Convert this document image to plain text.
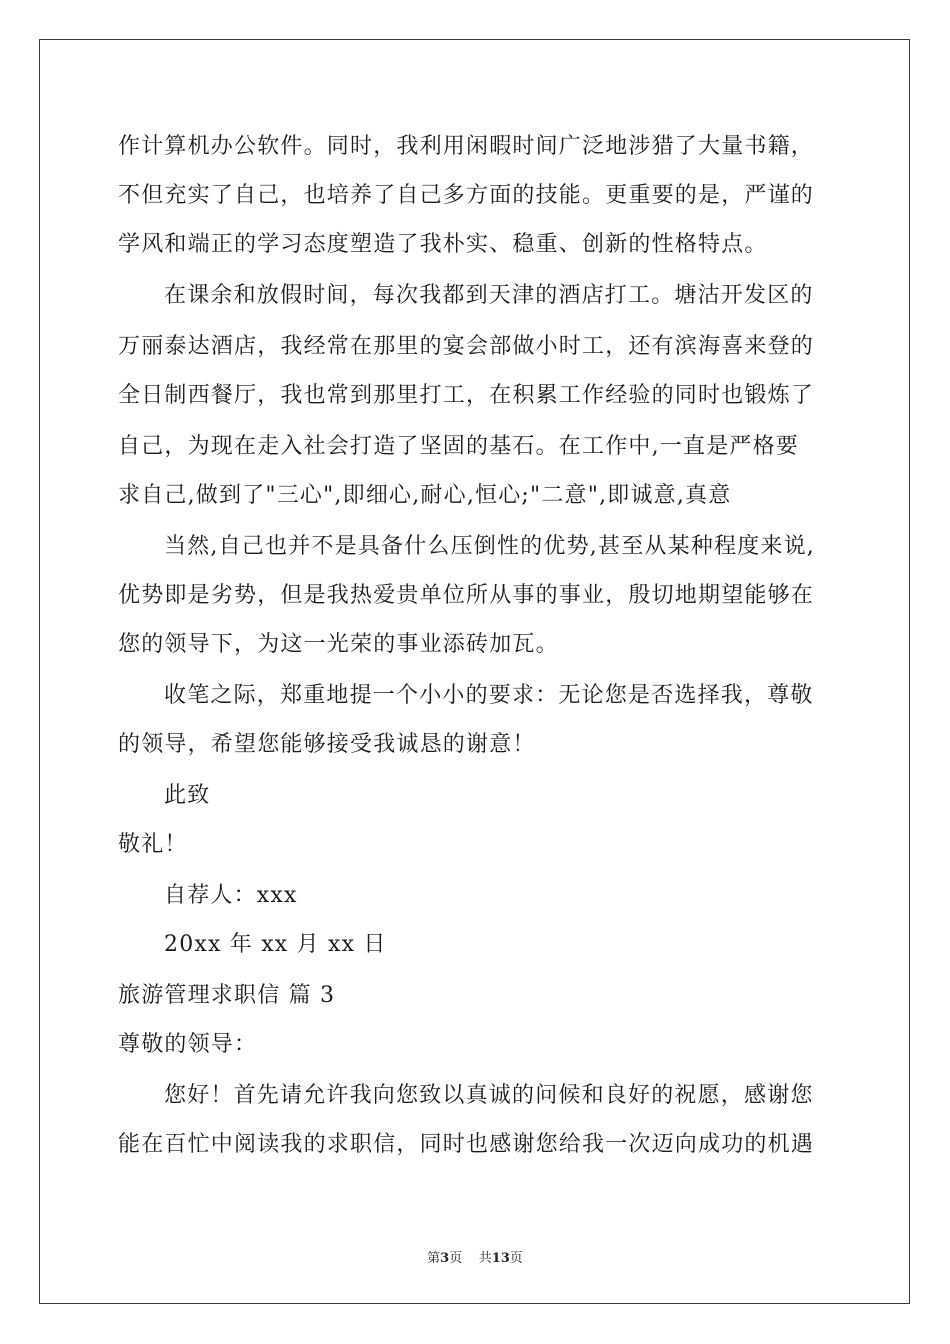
作计算机办公软件。同时，我利用闲暇时间广泛地涉猎了大量书籍，
不但充实了自己，也培养了自己多方面的技能。更重要的是，严谨的
学风和端正的学习态度塑造了我朴实、稳重、创新的性格特点。
在课余和放假时间，每次我都到天津的酒店打工。塘沽开发区的
万丽泰达酒店，我经常在那里的宴会部做小时工，还有滨海喜来登的
全日制西餐厅，我也常到那里打工，在积累工作经验的同时也锻炼了
自己，为现在走入社会打造了坚固的基石。在工作中,一直是严格要
求自己,做到了"三心",即细心,耐心,恒心;"二意",即诚意,真意
当然,自己也并不是具备什么压倒性的优势,甚至从某种程度来说,
优势即是劣势，但是我热爱贵单位所从事的事业，殷切地期望能够在
您的领导下，为这一光荣的事业添砖加瓦。
收笔之际，郑重地提一个小小的要求：无论您是否选择我，尊敬
的领导，希望您能够接受我诚恳的谢意！
此致
敬礼！
自荐人：xxx
20xx 年 xx 月 xx 日
旅游管理求职信 篇 3
尊敬的领导：
您好！首先请允许我向您致以真诚的问候和良好的祝愿，感谢您
能在百忙中阅读我的求职信，同时也感谢您给我一次迈向成功的机遇
第3页    共13页
